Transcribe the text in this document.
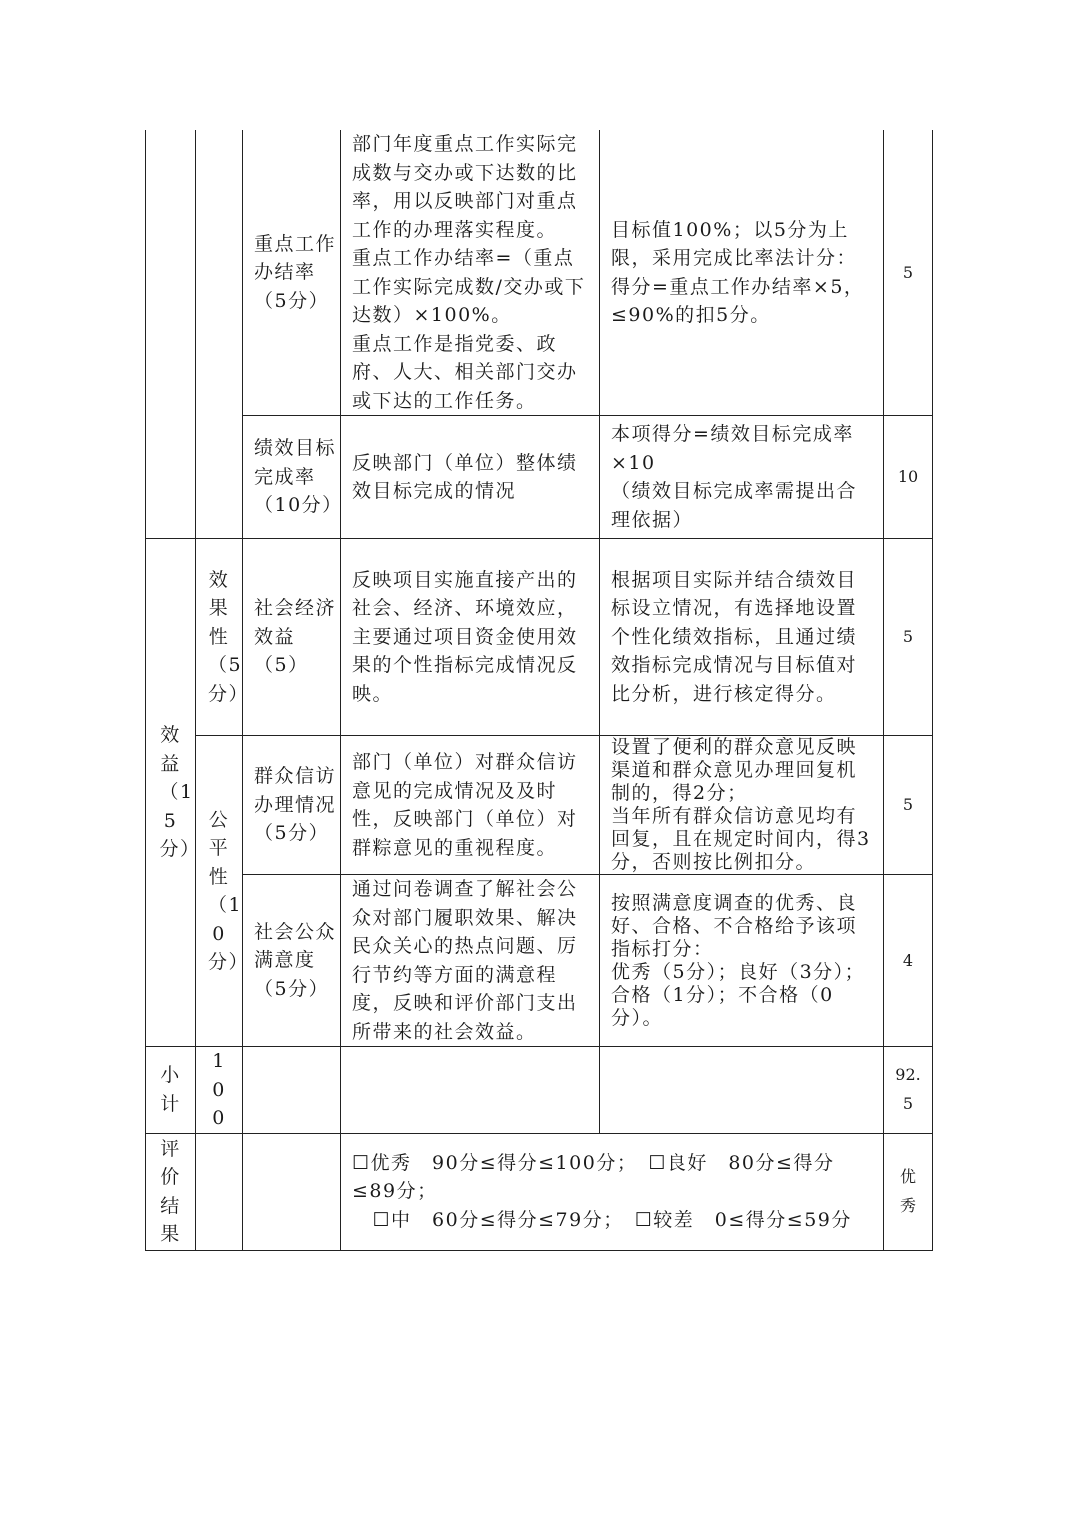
		重点工作办结率（5分）	部门年度重点工作实际完成数与交办或下达数的比率，用以反映部门对重点工作的办理落实程度。
重点工作办结率=（重点工作实际完成数/交办或下达数）×100%。
重点工作是指党委、政府、人大、相关部门交办或下达的工作任务。	目标值100%；以5分为上限，采用完成比率法计分：得分=重点工作办结率×5，≤90%的扣5分。	5

		绩效目标完成率（10分）	反映部门（单位）整体绩效目标完成的情况	本项得分=绩效目标完成率×10
（绩效目标完成率需提出合理依据）	10
效益（15分）	效果性（5分）	社会经济效益（5）	反映项目实施直接产出的社会、经济、环境效应，主要通过项目资金使用效果的个性指标完成情况反映。	根据项目实际并结合绩效目标设立情况，有选择地设置个性化绩效指标，且通过绩效指标完成情况与目标值对比分析，进行核定得分。	5
	公平性（10分）	群众信访办理情况（5分）	部门（单位）对群众信访意见的完成情况及及时性，反映部门（单位）对群粽意见的重视程度。	设置了便利的群众意见反映渠道和群众意见办理回复机制的，得2分；
当年所有群众信访意见均有回复，且在规定时间内，得3分，否则按比例扣分。	5

		社会公众满意度（5分）	通过问卷调查了解社会公众对部门履职效果、解决民众关心的热点问题、厉行节约等方面的满意程度，反映和评价部门支出所带来的社会效益。	按照满意度调查的优秀、良好、合格、不合格给予该项指标打分：
优秀（5分）；良好（3分）；合格（1分）；不合格（0分）。	4
小计	100				92.5
评价结果			☐优秀　90分≤得分≤100分；　☐良好　80分≤得分≤89分；
　☐中　60分≤得分≤79分；　☐较差　0≤得分≤59分		优秀
